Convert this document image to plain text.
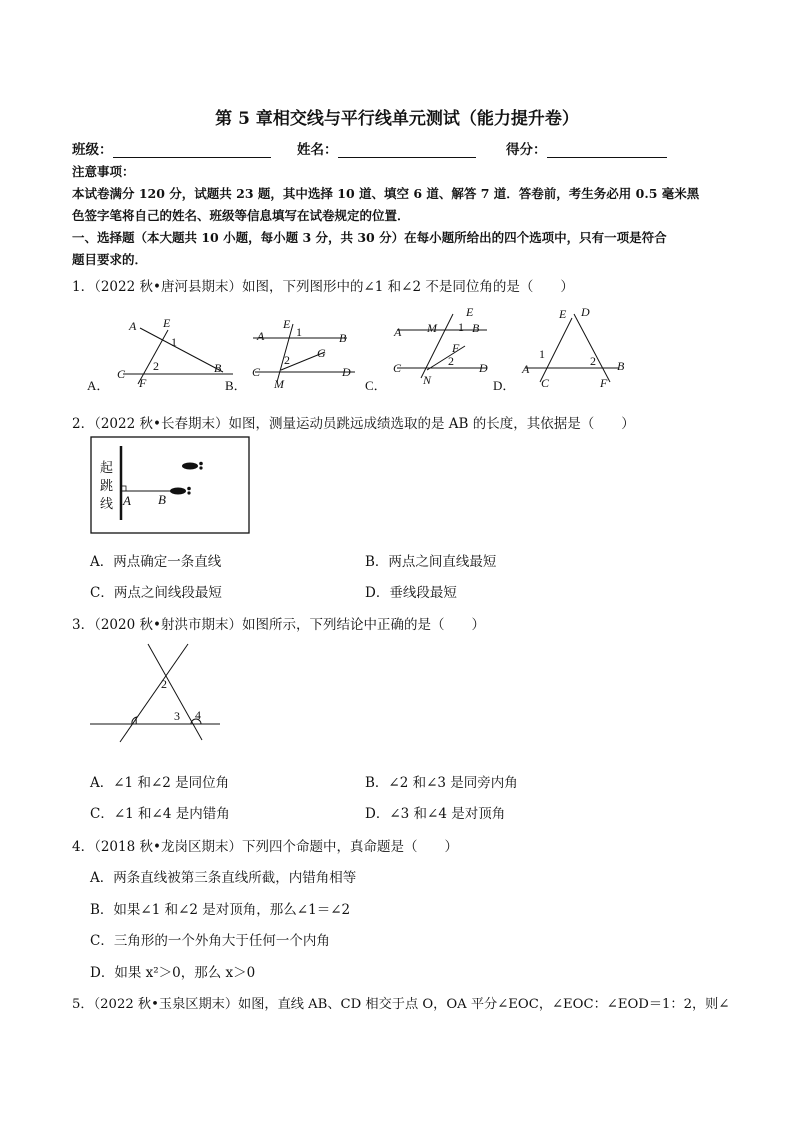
第 5 章相交线与平行线单元测试（能力提升卷）
班级：	姓名：	得分：
注意事项：
本试卷满分 120 分，试题共 23 题，其中选择 10 道、填空 6 道、解答 7 道．答卷前，考生务必用 0.5 毫米黑
色签字笔将自己的姓名、班级等信息填写在试卷规定的位置．
一、选择题（本大题共 10 小题，每小题 3 分，共 30 分）在每小题所给出的四个选项中，只有一项是符合
题目要求的．
1．（2022 秋•唐河县期末）如图，下列图形中的∠1 和∠2 不是同位角的是（　　）
A．	B．	C．	D．
A E
1
2
C
F
B
A
E
1	B
2 G
C
M
D
A M 1
E
B
F
2
C	D
N
E D
1	2
A	B
C	F
2．（2022 秋•长春期末）如图，测量运动员跳远成绩选取的是 AB 的长度，其依据是（　　）
起
跳
线 A B
A．两点确定一条直线	B．两点之间直线最短
C．两点之间线段最短	D．垂线段最短
3．（2020 秋•射洪市期末）如图所示，下列结论中正确的是（　　）
1
2
3 4
A．∠1 和∠2 是同位角	B．∠2 和∠3 是同旁内角
C．∠1 和∠4 是内错角	D．∠3 和∠4 是对顶角
4．（2018 秋•龙岗区期末）下列四个命题中，真命题是（　　）
A．两条直线被第三条直线所截，内错角相等
B．如果∠1 和∠2 是对顶角，那么∠1＝∠2
C．三角形的一个外角大于任何一个内角
D．如果 x²＞0，那么 x＞0
5．（2022 秋•玉泉区期末）如图，直线 AB、CD 相交于点 O，OA 平分∠EOC，∠EOC：∠EOD＝1：2，则∠
